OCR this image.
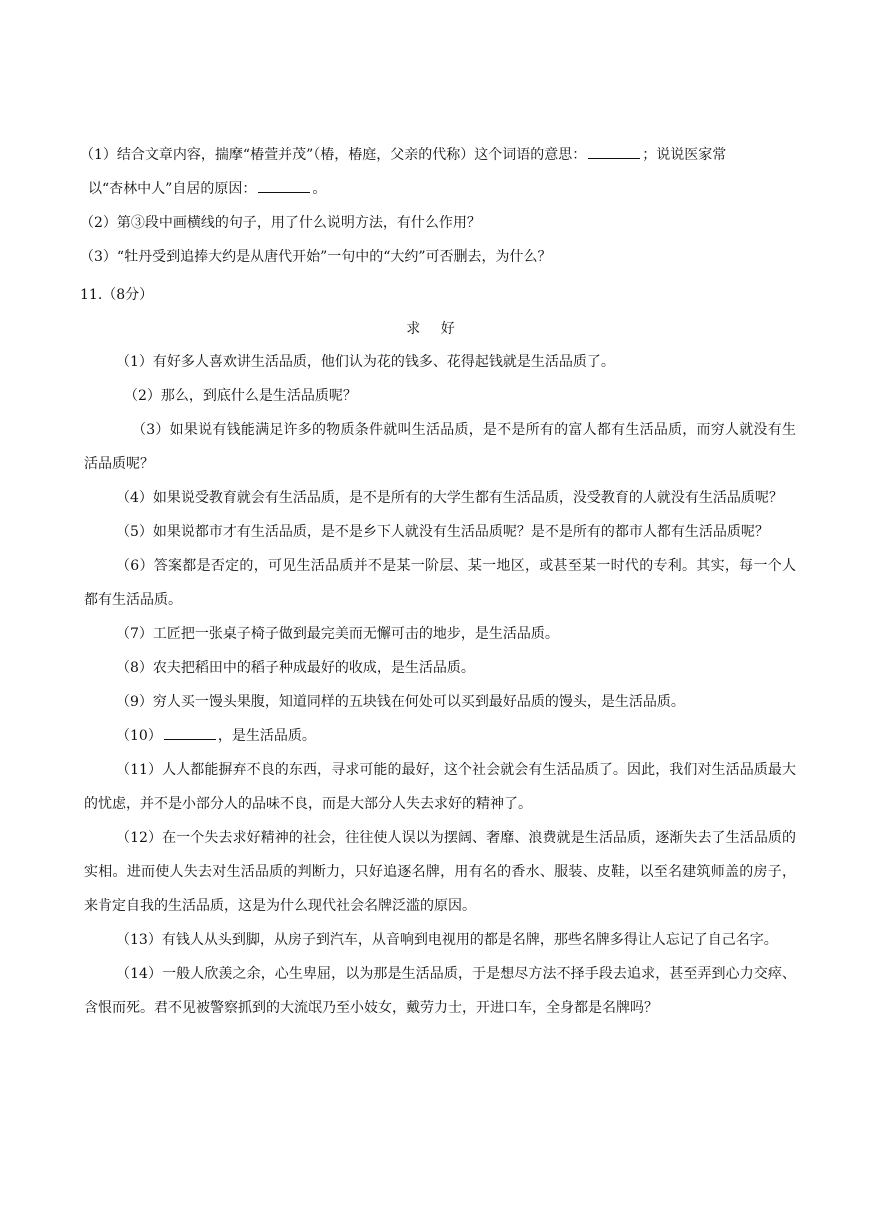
（1）结合文章内容，揣摩“椿萱并茂”（椿，椿庭，父亲的代称）这个词语的意思：	；说说医家常
以“杏林中人”自居的原因：	。
（2）第③段中画横线的句子，用了什么说明方法，有什么作用？
（3）“牡丹受到追捧大约是从唐代开始”一句中的“大约”可否删去，为什么？
11.（8分）
求 好

（1）有好多人喜欢讲生活品质，他们认为花的钱多、花得起钱就是生活品质了。

（2）那么，到底什么是生活品质呢？

（3）如果说有钱能满足许多的物质条件就叫生活品质，是不是所有的富人都有生活品质，而穷人就没有生活品质呢？

（4）如果说受教育就会有生活品质，是不是所有的大学生都有生活品质，没受教育的人就没有生活品质呢？

（5）如果说都市才有生活品质，是不是乡下人就没有生活品质呢？是不是所有的都市人都有生活品质呢？

（6）答案都是否定的，可见生活品质并不是某一阶层、某一地区，或甚至某一时代的专利。其实，每一个人都有生活品质。

（7）工匠把一张桌子椅子做到最完美而无懈可击的地步，是生活品质。

（8）农夫把稻田中的稻子种成最好的收成，是生活品质。

（9）穷人买一馒头果腹，知道同样的五块钱在何处可以买到最好品质的馒头，是生活品质。

（10）	，是生活品质。

（11）人人都能摒弃不良的东西，寻求可能的最好，这个社会就会有生活品质了。因此，我们对生活品质最大的忧虑，并不是小部分人的品味不良，而是大部分人失去求好的精神了。

（12）在一个失去求好精神的社会，往往使人误以为摆阔、奢靡、浪费就是生活品质，逐渐失去了生活品质的实相。进而使人失去对生活品质的判断力，只好追逐名牌，用有名的香水、服装、皮鞋，以至名建筑师盖的房子，来肯定自我的生活品质，这是为什么现代社会名牌泛滥的原因。

（13）有钱人从头到脚，从房子到汽车，从音响到电视用的都是名牌，那些名牌多得让人忘记了自己名字。

（14）一般人欣羡之余，心生卑屈，以为那是生活品质，于是想尽方法不择手段去追求，甚至弄到心力交瘁、含恨而死。君不见被警察抓到的大流氓乃至小妓女，戴劳力士，开进口车，全身都是名牌吗？
